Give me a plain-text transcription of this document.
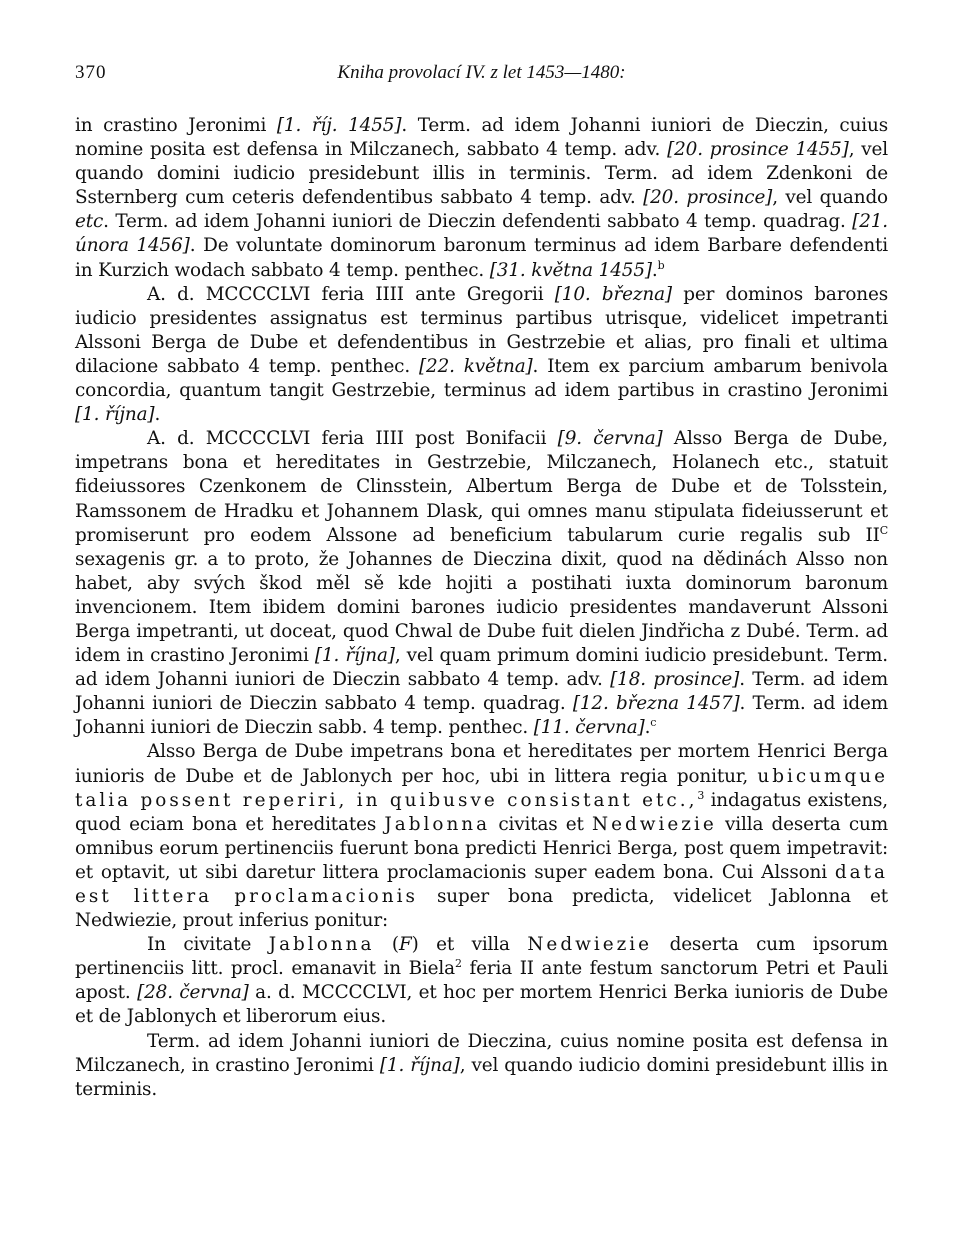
370	Kniha provolací IV. z let 1453—1480:

in crastino Jeronimi [1. říj. 1455]. Term. ad idem Johanni iuniori de Dieczin, cuius nomine posita est defensa in Milczanech, sabbato 4 temp. adv. [20. prosince 1455], vel quando domini iudicio presidebunt illis in terminis. Term. ad idem Zdenkoni de Ssternberg cum ceteris defendentibus sabbato 4 temp. adv. [20. prosince], vel quando etc. Term. ad idem Johanni iuniori de Dieczin defendenti sabbato 4 temp. quadrag. [21. února 1456]. De voluntate dominorum baronum terminus ad idem Barbare defendenti in Kurzich wodach sabbato 4 temp. penthec. [31. května 1455].$^b$

A. d. MCCCCLVI feria IIII ante Gregorii [10. března] per dominos barones iudicio presidentes assignatus est terminus partibus utrisque, videlicet impetranti Alssoni Berga de Dube et defendentibus in Gestrzebie et alias, pro finali et ultima dilacione sabbato 4 temp. penthec. [22. května]. Item ex parcium ambarum benivola concordia, quantum tangit Gestrzebie, terminus ad idem partibus in crastino Jeronimi [1. října].

A. d. MCCCCLVI feria IIII post Bonifacii [9. června] Alsso Berga de Dube, impetrans bona et hereditates in Gestrzebie, Milczanech, Holanech etc., statuit fideiussores Czenkonem de Clinsstein, Albertum Berga de Dube et de Tolsstein, Ramssonem de Hradku et Johannem Dlask, qui omnes manu stipulata fideiusserunt et promiserunt pro eodem Alssone ad beneficium tabularum curie regalis sub $II^C$ sexagenis gr. a to proto, že Johannes de Dieczina dixit, quod na dědinách Alsso non habet, aby svých škod měl sě kde hojiti a postihati iuxta dominorum baronum invencionem. Item ibidem domini barones iudicio presidentes mandaverunt Alssoni Berga impetranti, ut doceat, quod Chwal de Dube fuit dielen Jindřicha z Dubé. Term. ad idem in crastino Jeronimi [1. října], vel quam primum domini iudicio presidebunt. Term. ad idem Johanni iuniori de Dieczin sabbato 4 temp. adv. [18. prosince]. Term. ad idem Johanni iuniori de Dieczin sabbato 4 temp. quadrag. [12. března 1457]. Term. ad idem Johanni iuniori de Dieczin sabb. 4 temp. penthec. [11. června].$^c$

Alsso Berga de Dube impetrans bona et hereditates per mortem Henrici Berga iunioris de Dube et de Jablonych per hoc, ubi in littera regia ponitur, ubicumque talia possent reperiri, in quibusve consistant etc.,$^3$ indagatus existens, quod eciam bona et hereditates Jablonna civitas et Nedwiezie villa deserta cum omnibus eorum pertinenciis fuerunt bona predicti Henrici Berga, post quem impetravit: et optavit, ut sibi daretur littera proclamacionis super eadem bona. Cui Alssoni data est littera proclamacionis super bona predicta, videlicet Jablonna et Nedwiezie, prout inferius ponitur:

In civitate Jablonna (F) et villa Nedwiezie deserta cum ipsorum pertinenciis litt. procl. emanavit in Biela$^2$ feria II ante festum sanctorum Petri et Pauli apost. [28. června] a. d. MCCCCLVI, et hoc per mortem Henrici Berka iunioris de Dube et de Jablonych et liberorum eius.

Term. ad idem Johanni iuniori de Dieczina, cuius nomine posita est defensa in Milczanech, in crastino Jeronimi [1. října], vel quando iudicio domini presidebunt illis in terminis.
